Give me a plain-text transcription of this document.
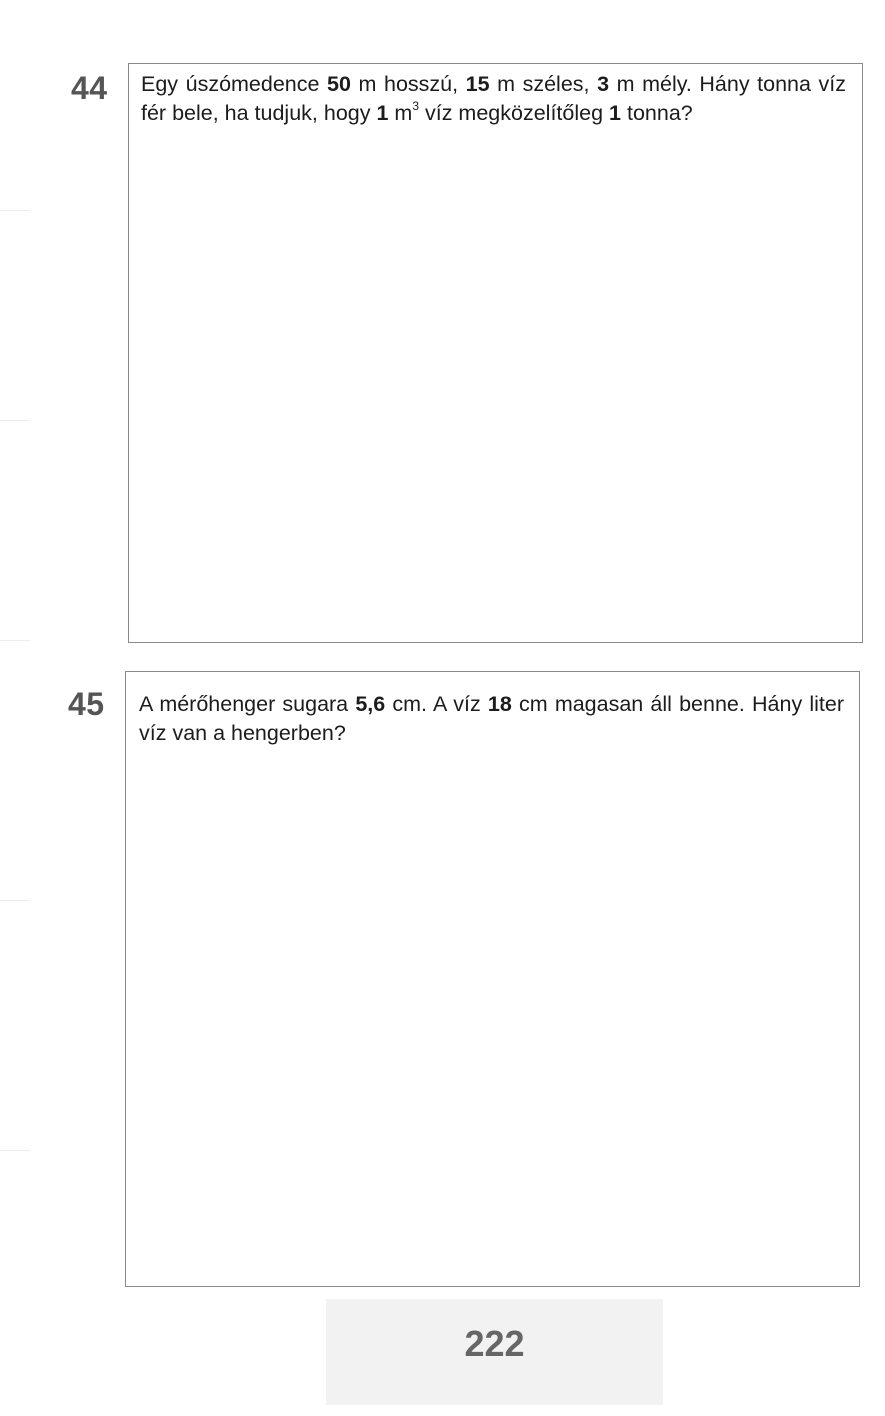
44 Egy úszómedence 50 m hosszú, 15 m széles, 3 m mély. Hány tonna víz fér bele, ha tudjuk, hogy 1 $m^3$ víz megközelítőleg 1 tonna?
45 A mérőhenger sugara 5,6 cm. A víz 18 cm magasan áll benne. Hány liter víz van a hengerben?
222
